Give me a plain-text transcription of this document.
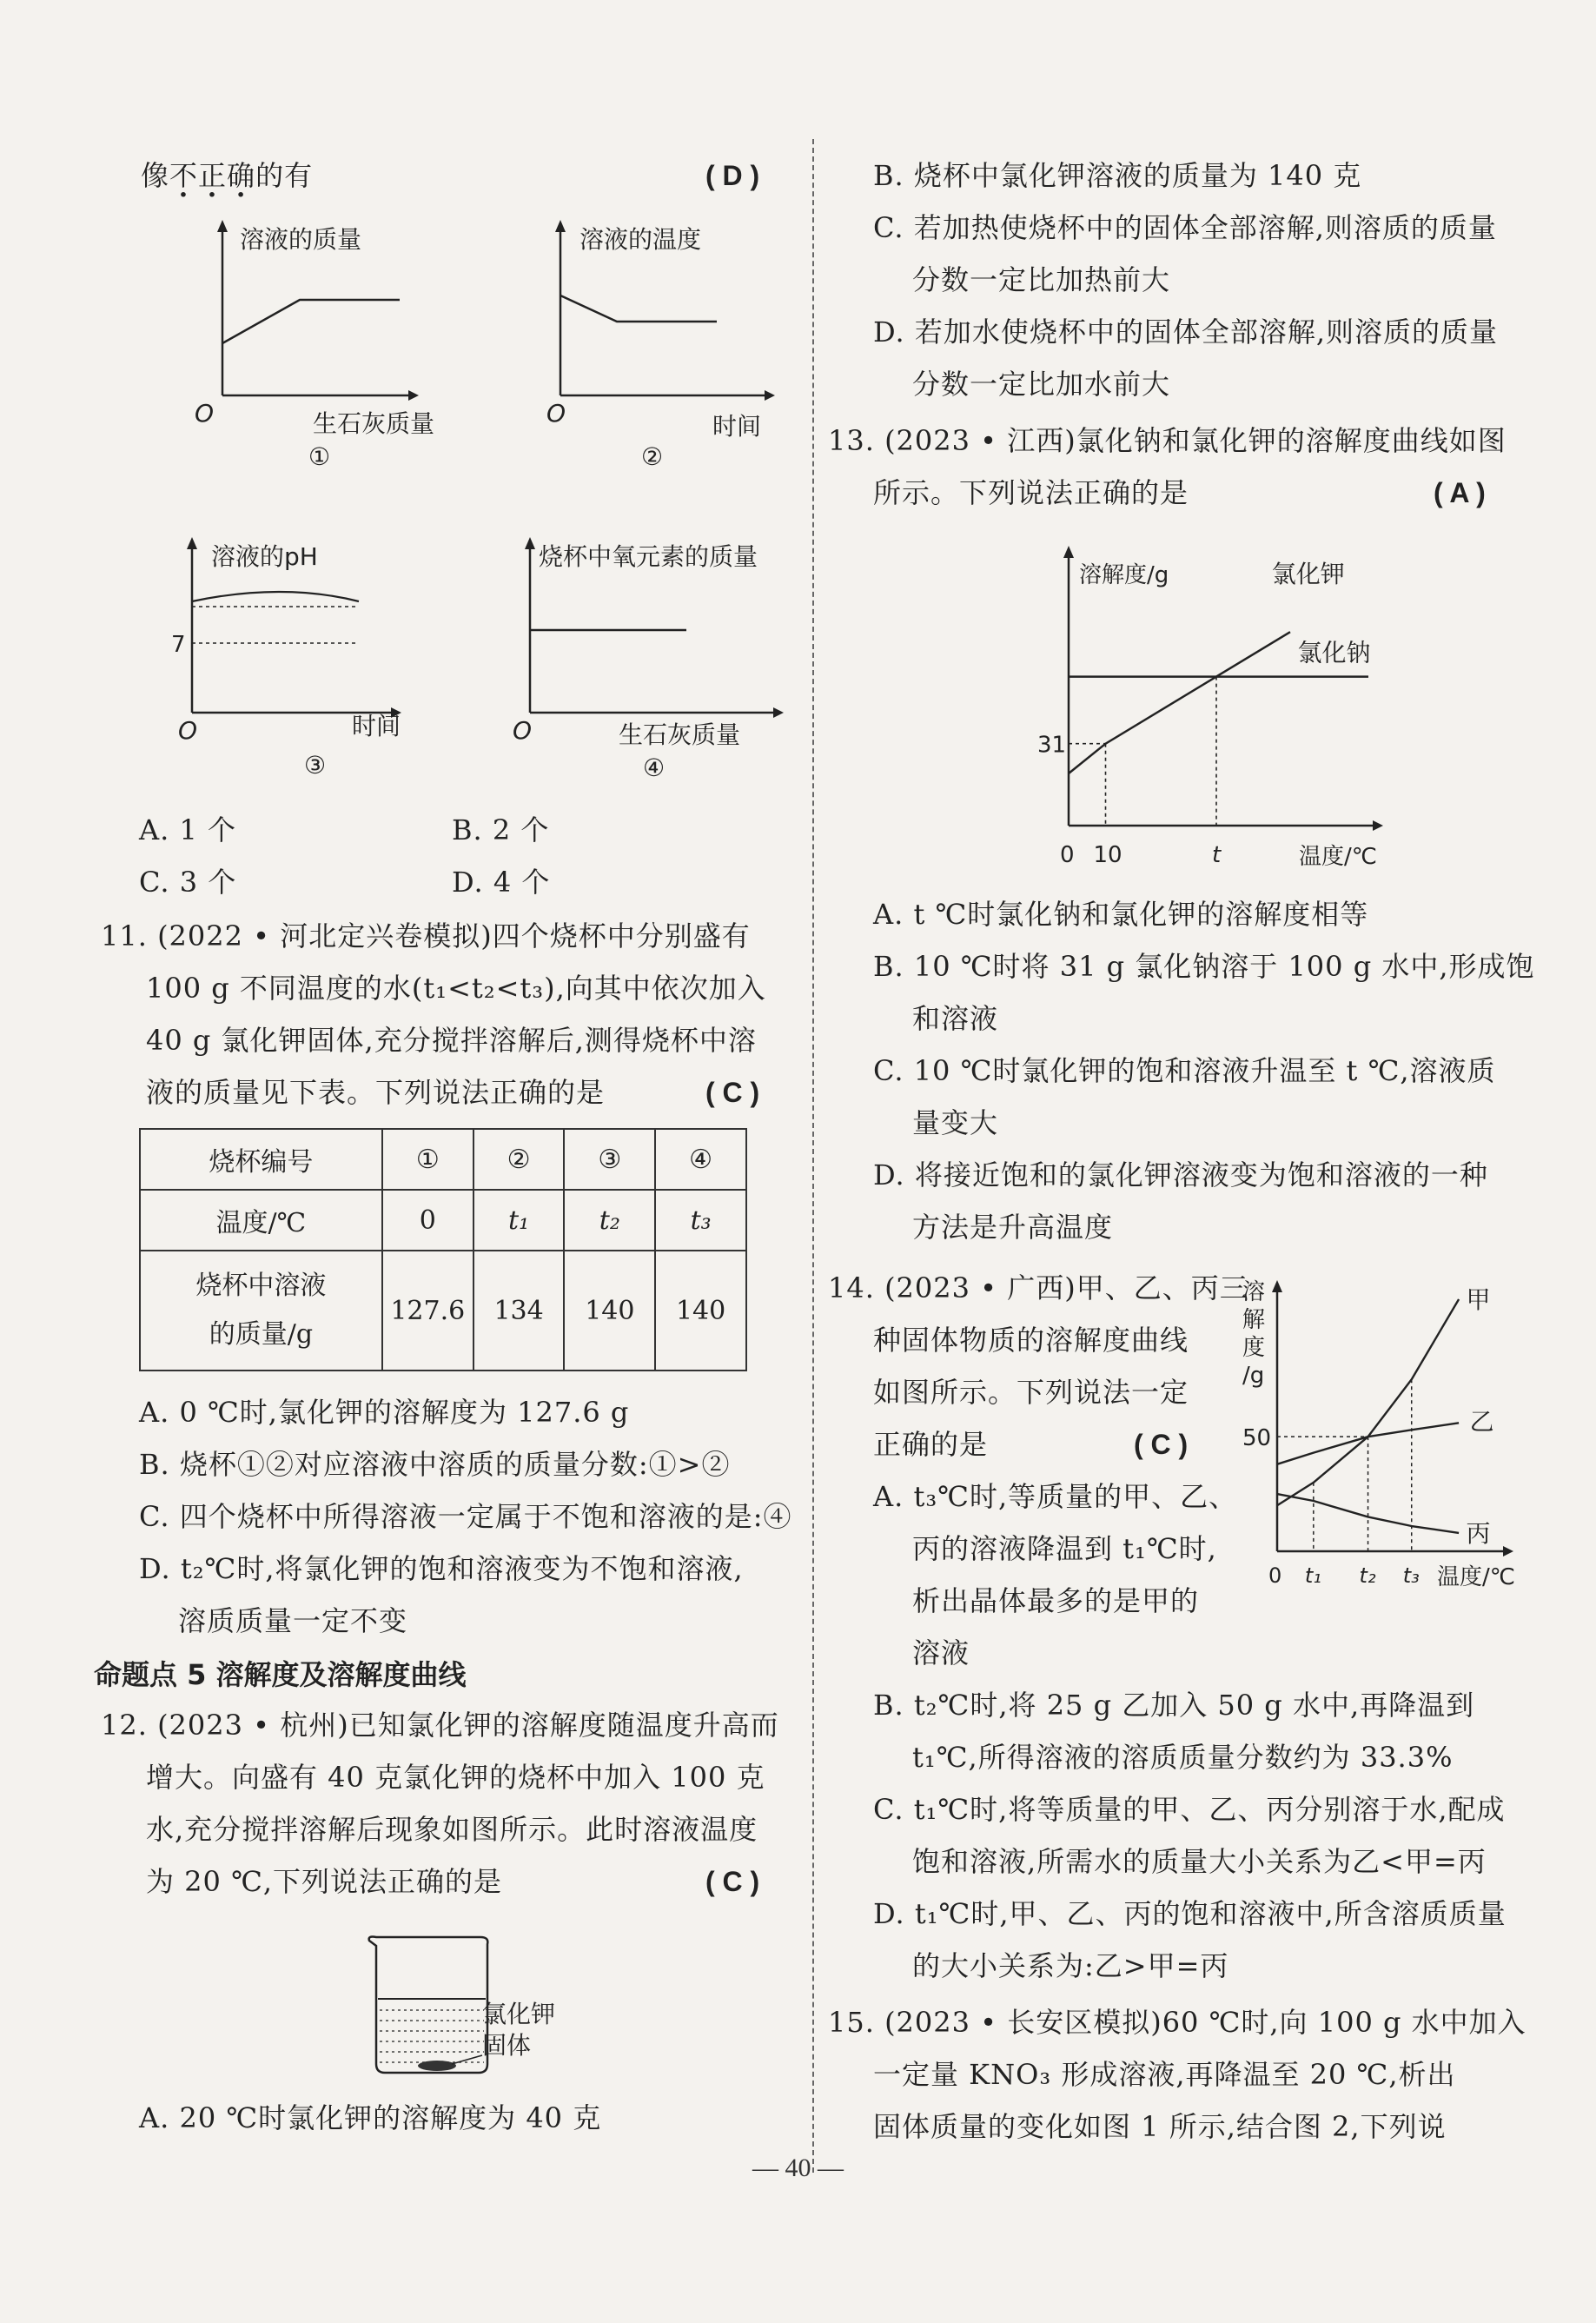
像不正确的有	( D )
溶液的质量
O	生石灰质量
①
溶液的温度
O	时间
②
溶液的pH
7
O	时间
③
烧杯中氧元素的质量
O	生石灰质量
④
A. 1 个	B. 2 个
C. 3 个	D. 4 个
11. (2022 • 河北定兴卷模拟)四个烧杯中分别盛有
100 g 不同温度的水(t₁<t₂<t₃),向其中依次加入
40 g 氯化钾固体,充分搅拌溶解后,测得烧杯中溶
液的质量见下表。下列说法正确的是	( C )
烧杯编号	①	②	③	④
温度/℃	0	t₁	t₂	t₃

烧杯中溶液
的质量/g	127.6	134	140	140
A. 0 ℃时,氯化钾的溶解度为 127.6 g
B. 烧杯①②对应溶液中溶质的质量分数:①>②
C. 四个烧杯中所得溶液一定属于不饱和溶液的是:④
D. t₂℃时,将氯化钾的饱和溶液变为不饱和溶液,
溶质质量一定不变
命题点 5 溶解度及溶解度曲线
12. (2023 • 杭州)已知氯化钾的溶解度随温度升高而
增大。向盛有 40 克氯化钾的烧杯中加入 100 克
水,充分搅拌溶解后现象如图所示。此时溶液温度
为 20 ℃,下列说法正确的是	( C )
氯化钾
固体
A. 20 ℃时氯化钾的溶解度为 40 克
B. 烧杯中氯化钾溶液的质量为 140 克
C. 若加热使烧杯中的固体全部溶解,则溶质的质量
分数一定比加热前大
D. 若加水使烧杯中的固体全部溶解,则溶质的质量
分数一定比加水前大
13. (2023 • 江西)氯化钠和氯化钾的溶解度曲线如图
所示。下列说法正确的是	( A )
溶解度/g
温度/℃
31
0 10	t
氯化钾
氯化钠
A. t ℃时氯化钠和氯化钾的溶解度相等
B. 10 ℃时将 31 g 氯化钠溶于 100 g 水中,形成饱
和溶液
C. 10 ℃时氯化钾的饱和溶液升温至 t ℃,溶液质
量变大
D. 将接近饱和的氯化钾溶液变为饱和溶液的一种
方法是升高温度
14. (2023 • 广西)甲、乙、丙三
种固体物质的溶解度曲线
如图所示。下列说法一定
正确的是	( C )
溶
解
度
/g
50
0 t₁ t₂ t₃ 温度/℃
甲
乙
丙
A. t₃℃时,等质量的甲、乙、
丙的溶液降温到 t₁℃时,
析出晶体最多的是甲的
溶液
B. t₂℃时,将 25 g 乙加入 50 g 水中,再降温到
t₁℃,所得溶液的溶质质量分数约为 33.3%
C. t₁℃时,将等质量的甲、乙、丙分别溶于水,配成
饱和溶液,所需水的质量大小关系为乙<甲=丙
D. t₁℃时,甲、乙、丙的饱和溶液中,所含溶质质量
的大小关系为:乙>甲=丙
15. (2023 • 长安区模拟)60 ℃时,向 100 g 水中加入
一定量 KNO₃ 形成溶液,再降温至 20 ℃,析出
固体质量的变化如图 1 所示,结合图 2,下列说
— 40 —
